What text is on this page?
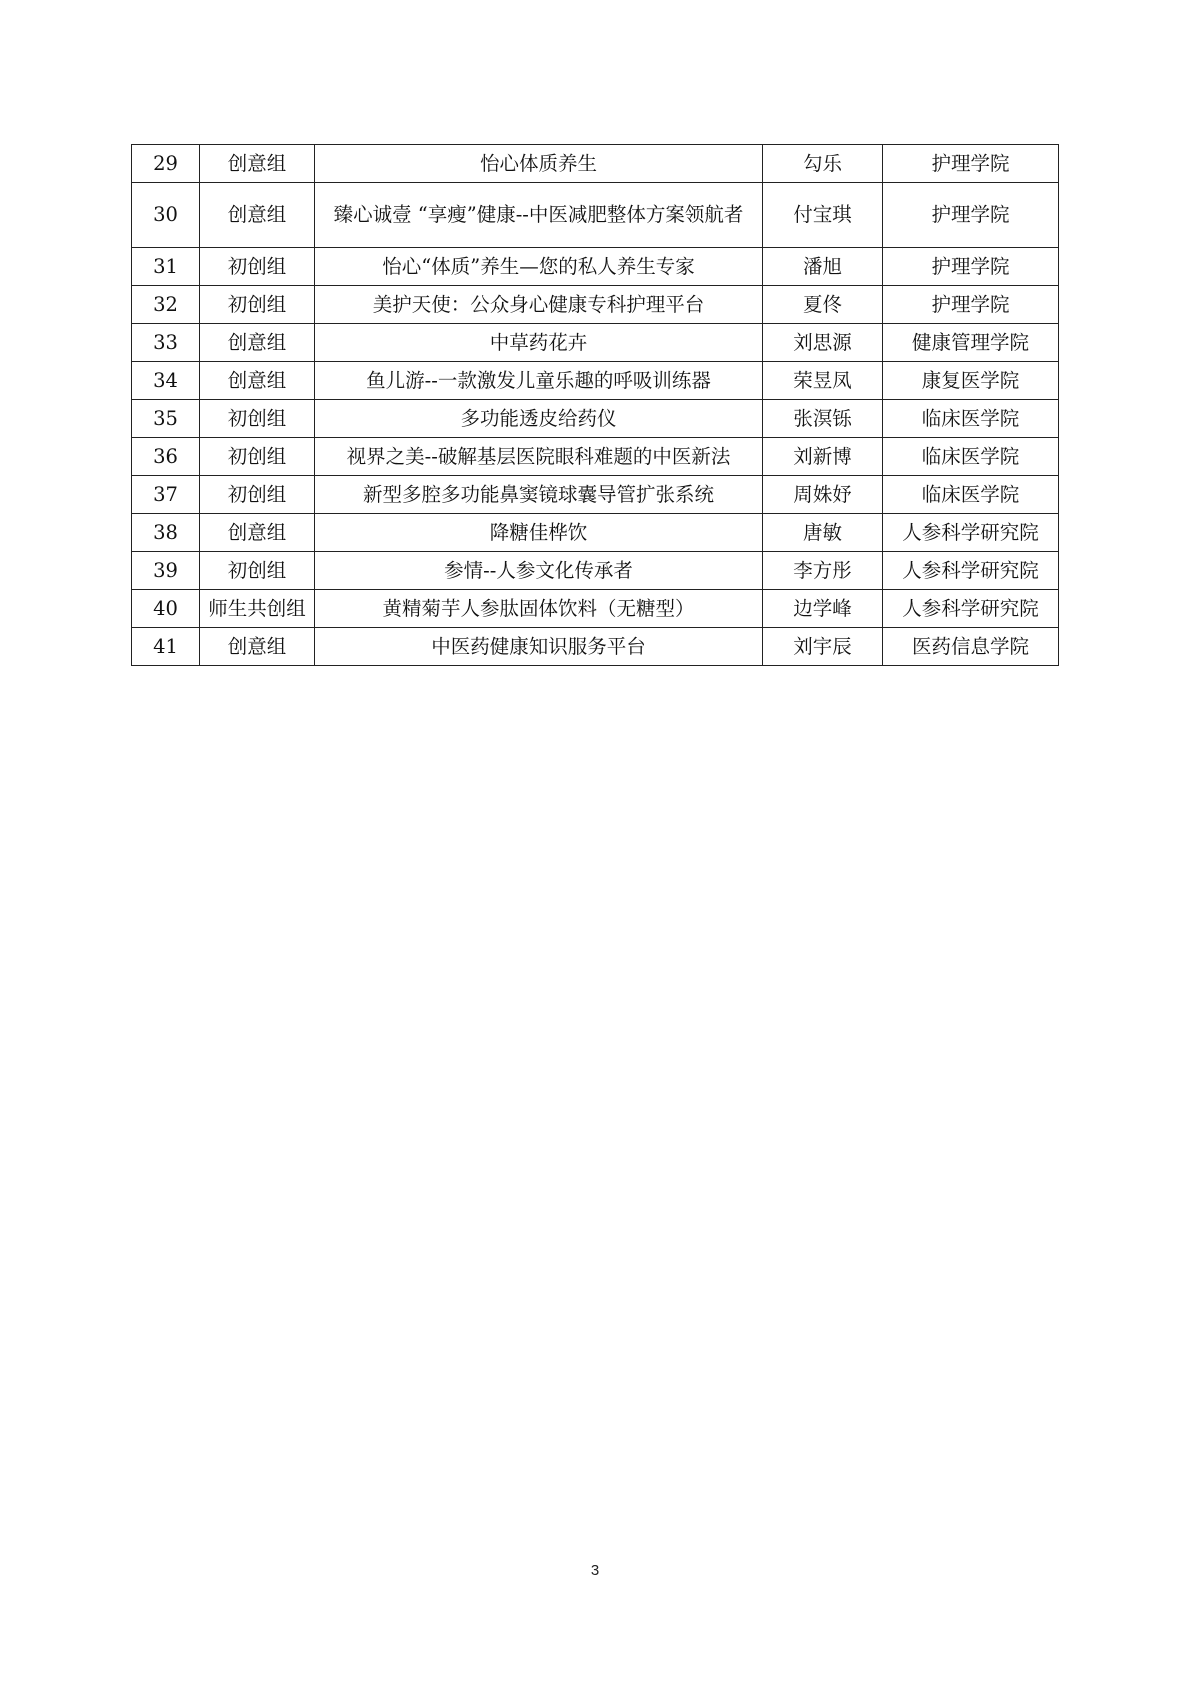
29	创意组	怡心体质养生	勾乐	护理学院
30	创意组	臻心诚壹 “享瘦”健康--中医减肥整体方案领航者	付宝琪	护理学院
31	初创组	怡心“体质”养生—您的私人养生专家	潘旭	护理学院
32	初创组	美护天使：公众身心健康专科护理平台	夏佟	护理学院
33	创意组	中草药花卉	刘思源	健康管理学院
34	创意组	鱼儿游--一款激发儿童乐趣的呼吸训练器	荣昱凤	康复医学院
35	初创组	多功能透皮给药仪	张溟铄	临床医学院
36	初创组	视界之美--破解基层医院眼科难题的中医新法	刘新博	临床医学院
37	初创组	新型多腔多功能鼻窦镜球囊导管扩张系统	周姝妤	临床医学院
38	创意组	降糖佳桦饮	唐敏	人参科学研究院
39	初创组	参情--人参文化传承者	李方彤	人参科学研究院
40	师生共创组	黄精菊芋人参肽固体饮料（无糖型）	边学峰	人参科学研究院
41	创意组	中医药健康知识服务平台	刘宇辰	医药信息学院
3
